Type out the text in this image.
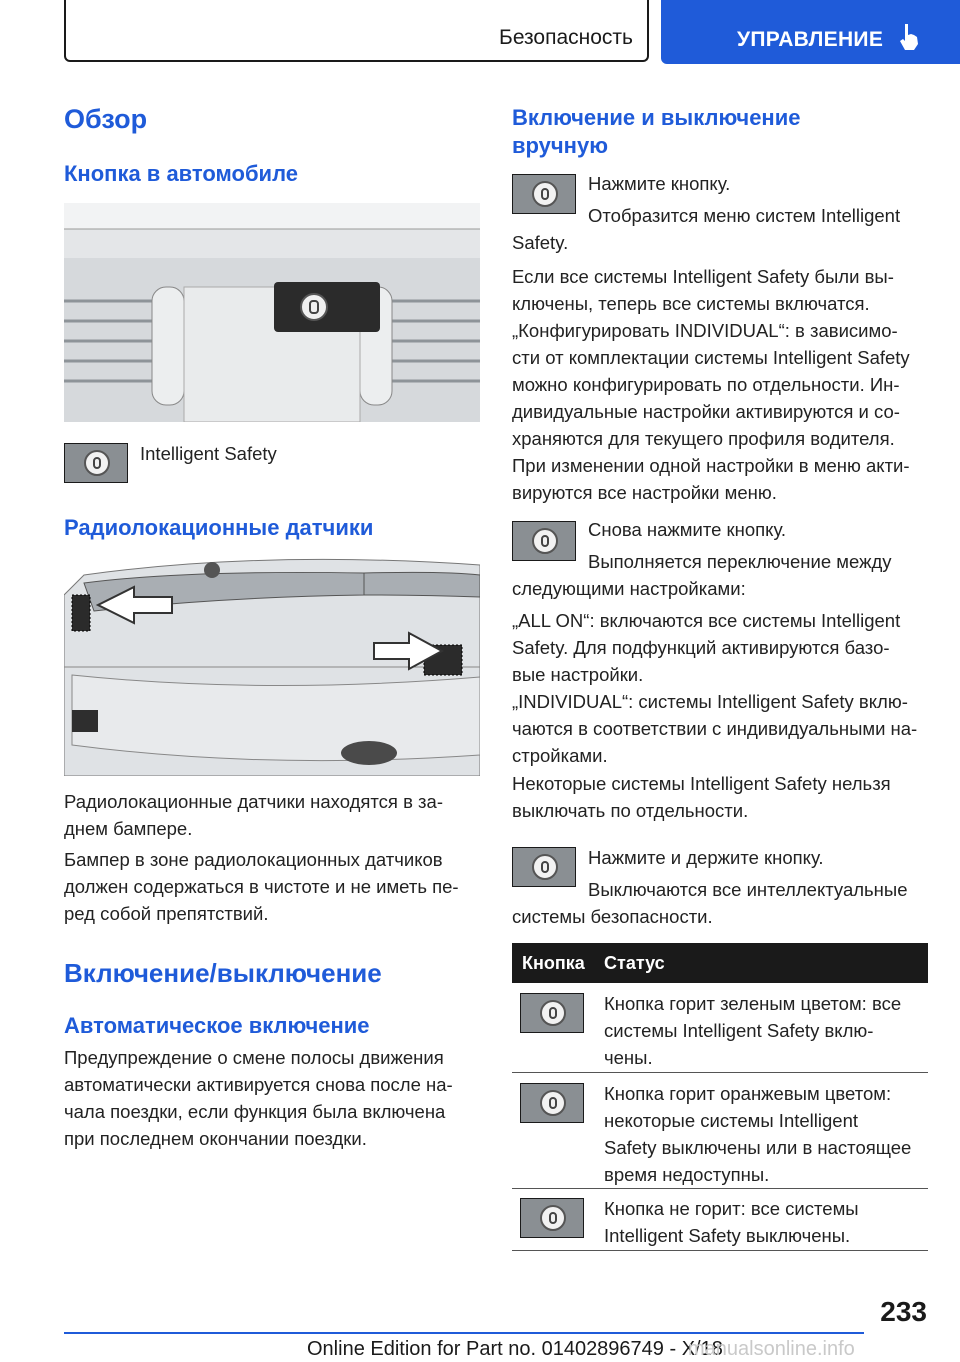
Безопасность	УПРАВЛЕНИЕ
Обзор
Кнопка в автомобиле

Intelligent Safety

Радиолокационные датчики

Радиолокационные датчики находятся в за-
днем бампере.

Бампер в зоне радиолокационных датчиков
должен содержаться в чистоте и не иметь пе-
ред собой препятствий.

Включение/выключение
Автоматическое включение

Предупреждение о смене полосы движения
автоматически активируется снова после на-
чала поездки, если функция была включена
при последнем окончании поездки.

Включение и выключение
вручную

Нажмите кнопку.

Отобразится меню систем Intelligent

Safety.

Если все системы Intelligent Safety были вы-
ключены, теперь все системы включатся.

„Конфигурировать INDIVIDUAL“: в зависимо-
сти от комплектации системы Intelligent Safety
можно конфигурировать по отдельности. Ин-
дивидуальные настройки активируются и со-
храняются для текущего профиля водителя.
При изменении одной настройки в меню акти-
вируются все настройки меню.

Снова нажмите кнопку.

Выполняется переключение между

следующими настройками:

„ALL ON“: включаются все системы Intelligent
Safety. Для подфункций активируются базо-
вые настройки.

„INDIVIDUAL“: системы Intelligent Safety вклю-
чаются в соответствии с индивидуальными на-
стройками.

Некоторые системы Intelligent Safety нельзя
выключать по отдельности.

Нажмите и держите кнопку.

Выключаются все интеллектуальные

системы безопасности.

Кнопка Статус

Кнопка горит зеленым цветом: все
системы Intelligent Safety вклю-
чены.

Кнопка горит оранжевым цветом:
некоторые системы Intelligent
Safety выключены или в настоящее
время недоступны.

Кнопка не горит: все системы
Intelligent Safety выключены.

233
Online Edition for Part no. 01402896749 - X/18
manualsonline.info
